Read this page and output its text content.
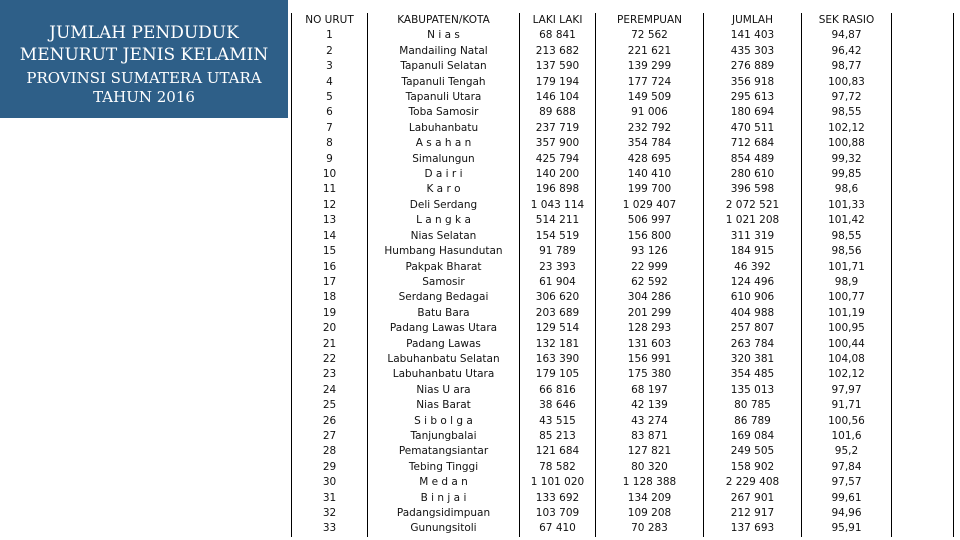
JUMLAH PENDUDUK
MENURUT JENIS KELAMIN
PROVINSI SUMATERA UTARA
TAHUN 2016
NO URUT	KABUPATEN/KOTA	LAKI LAKI	PEREMPUAN	JUMLAH	SEK RASIO	
1	N i a s	68 841	72 562	141 403	94,87	
2	Mandailing Natal	213 682	221 621	435 303	96,42	
3	Tapanuli Selatan	137 590	139 299	276 889	98,77	
4	Tapanuli Tengah	179 194	177 724	356 918	100,83	
5	Tapanuli Utara	146 104	149 509	295 613	97,72	
6	Toba Samosir	89 688	91 006	180 694	98,55	
7	Labuhanbatu	237 719	232 792	470 511	102,12	
8	A s a h a n	357 900	354 784	712 684	100,88	
9	Simalungun	425 794	428 695	854 489	99,32	
10	D a i r i	140 200	140 410	280 610	99,85	
11	K a r o	196 898	199 700	396 598	98,6	
12	Deli Serdang	1 043 114	1 029 407	2 072 521	101,33	
13	L a n g k a	514 211	506 997	1 021 208	101,42	
14	Nias Selatan	154 519	156 800	311 319	98,55	
15	Humbang Hasundutan	91 789	93 126	184 915	98,56	
16	Pakpak Bharat	23 393	22 999	46 392	101,71	
17	Samosir	61 904	62 592	124 496	98,9	
18	Serdang Bedagai	306 620	304 286	610 906	100,77	
19	Batu Bara	203 689	201 299	404 988	101,19	
20	Padang Lawas Utara	129 514	128 293	257 807	100,95	
21	Padang Lawas	132 181	131 603	263 784	100,44	
22	Labuhanbatu Selatan	163 390	156 991	320 381	104,08	
23	Labuhanbatu Utara	179 105	175 380	354 485	102,12	
24	Nias U ara	66 816	68 197	135 013	97,97	
25	Nias Barat	38 646	42 139	80 785	91,71	
26	S i b o l g a	43 515	43 274	86 789	100,56	
27	Tanjungbalai	85 213	83 871	169 084	101,6	
28	Pematangsiantar	121 684	127 821	249 505	95,2	
29	Tebing Tinggi	78 582	80 320	158 902	97,84	
30	M e d a n	1 101 020	1 128 388	2 229 408	97,57	
31	B i n j a i	133 692	134 209	267 901	99,61	
32	Padangsidimpuan	103 709	109 208	212 917	94,96	
33	Gunungsitoli	67 410	70 283	137 693	95,91	
